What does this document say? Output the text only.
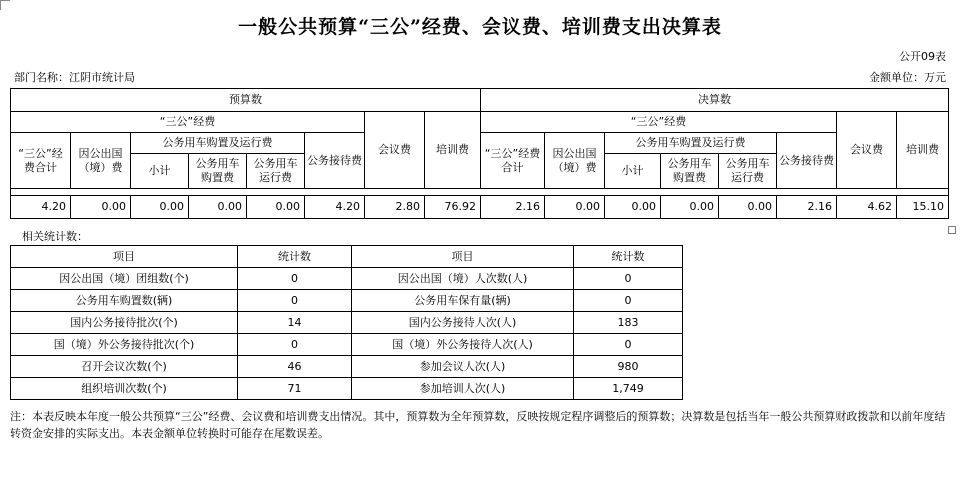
一般公共预算“三公”经费、会议费、培训费支出决算表
公开09表
部门名称：江阴市统计局	金额单位：万元
预算数								决算数							
“三公”经费						会议费	培训费	“三公”经费						会议费	培训费
“三公”经费合计	因公出国（境）费	公务用车购置及运行费			公务接待费			“三公”经费合计	因公出国（境）费	公务用车购置及运行费			公务接待费		
		小计	公务用车购置费	公务用车运行费						小计	公务用车购置费	公务用车运行费			

4.20	0.00	0.00	0.00	0.00	4.20	2.80	76.92	2.16	0.00	0.00	0.00	0.00	2.16	4.62	15.10
相关统计数：
项目	统计数	项目	统计数
因公出国（境）团组数(个)	0	因公出国（境）人次数(人)	0
公务用车购置数(辆)	0	公务用车保有量(辆)	0
国内公务接待批次(个)	14	国内公务接待人次(人)	183
国（境）外公务接待批次(个)	0	国（境）外公务接待人次(人)	0
召开会议次数(个)	46	参加会议人次(人)	980
组织培训次数(个)	71	参加培训人次(人)	1,749
注：本表反映本年度一般公共预算“三公”经费、会议费和培训费支出情况。其中，预算数为全年预算数，反映按规定程序调整后的预算数；决算数是包括当年一般公共预算财政拨款和以前年度结转资金安排的实际支出。本表金额单位转换时可能存在尾数误差。
